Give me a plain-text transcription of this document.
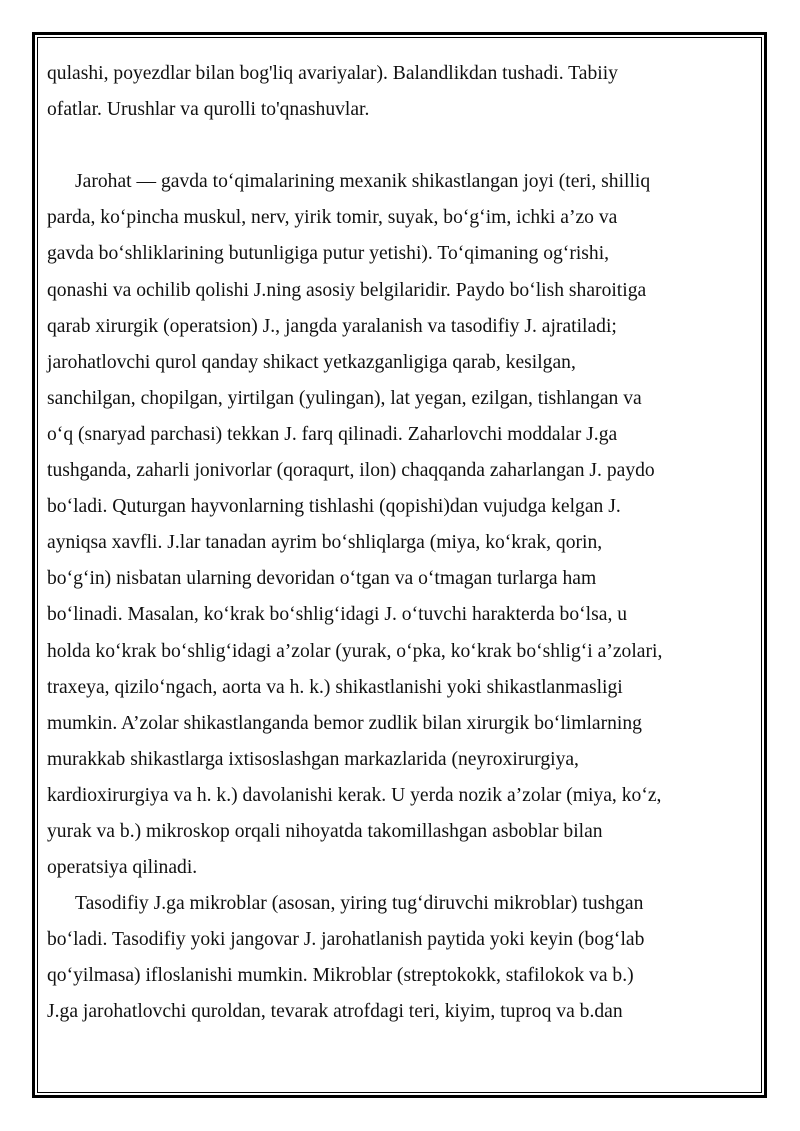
qulashi, poyezdlar bilan bog'liq avariyalar). Balandlikdan tushadi. Tabiiy
ofatlar. Urushlar va qurolli to'qnashuvlar.
Jarohat — gavda to‘qimalarining mexanik shikastlangan joyi (teri, shilliq
parda, ko‘pincha muskul, nerv, yirik tomir, suyak, bo‘g‘im, ichki a’zo va
gavda bo‘shliklarining butunligiga putur yetishi). To‘qimaning og‘rishi,
qonashi va ochilib qolishi J.ning asosiy belgilaridir. Paydo bo‘lish sharoitiga
qarab xirurgik (operatsion) J., jangda yaralanish va tasodifiy J. ajratiladi;
jarohatlovchi qurol qanday shikact yetkazganligiga qarab, kesilgan,
sanchilgan, chopilgan, yirtilgan (yulingan), lat yegan, ezilgan, tishlangan va
o‘q (snaryad parchasi) tekkan J. farq qilinadi. Zaharlovchi moddalar J.ga
tushganda, zaharli jonivorlar (qoraqurt, ilon) chaqqanda zaharlangan J. paydo
bo‘ladi. Quturgan hayvonlarning tishlashi (qopishi)dan vujudga kelgan J.
ayniqsa xavfli. J.lar tanadan ayrim bo‘shliqlarga (miya, ko‘krak, qorin,
bo‘g‘in) nisbatan ularning devoridan o‘tgan va o‘tmagan turlarga ham
bo‘linadi. Masalan, ko‘krak bo‘shlig‘idagi J. o‘tuvchi harakterda bo‘lsa, u
holda ko‘krak bo‘shlig‘idagi a’zolar (yurak, o‘pka, ko‘krak bo‘shlig‘i a’zolari,
traxeya, qizilo‘ngach, aorta va h. k.) shikastlanishi yoki shikastlanmasligi
mumkin. A’zolar shikastlanganda bemor zudlik bilan xirurgik bo‘limlarning
murakkab shikastlarga ixtisoslashgan markazlarida (neyroxirurgiya,
kardioxirurgiya va h. k.) davolanishi kerak. U yerda nozik a’zolar (miya, ko‘z,
yurak va b.) mikroskop orqali nihoyatda takomillashgan asboblar bilan
operatsiya qilinadi.
Tasodifiy J.ga mikroblar (asosan, yiring tug‘diruvchi mikroblar) tushgan
bo‘ladi. Tasodifiy yoki jangovar J. jarohatlanish paytida yoki keyin (bog‘lab
qo‘yilmasa) ifloslanishi mumkin. Mikroblar (streptokokk, stafilokok va b.)
J.ga jarohatlovchi quroldan, tevarak atrofdagi teri, kiyim, tuproq va b.dan
